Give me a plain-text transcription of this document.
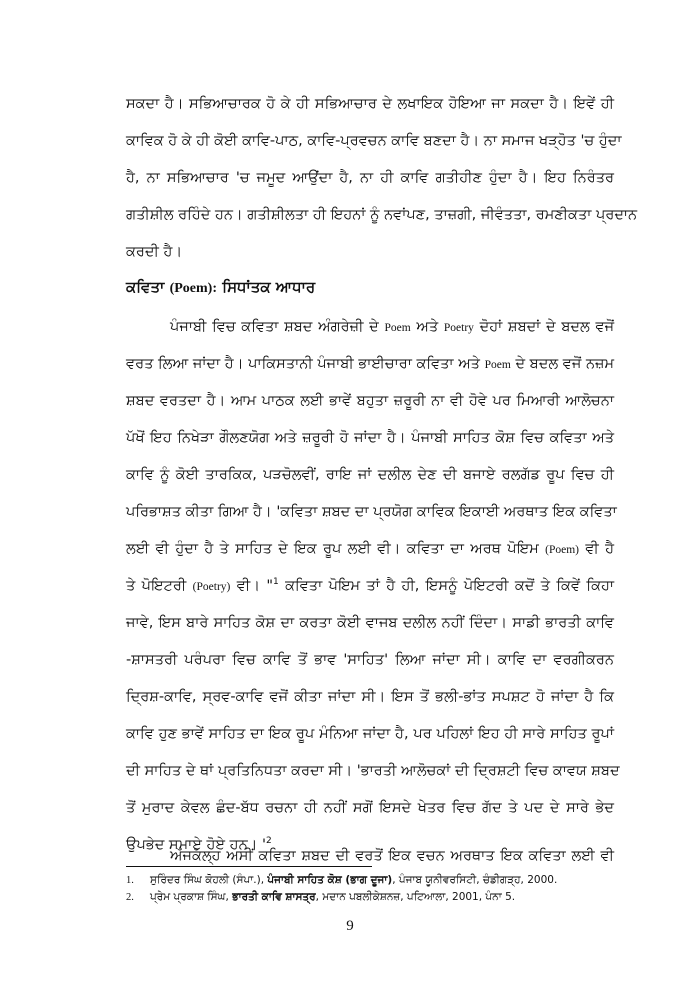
ਸਕਦਾ ਹੈ। ਸਭਿਆਚਾਰਕ ਹੋ ਕੇ ਹੀ ਸਭਿਆਚਾਰ ਦੇ ਲਖਾਇਕ ਹੋਇਆ ਜਾ ਸਕਦਾ ਹੈ। ਇਵੇਂ ਹੀ
ਕਾਵਿਕ ਹੋ ਕੇ ਹੀ ਕੋਈ ਕਾਵਿ-ਪਾਠ, ਕਾਵਿ-ਪ੍ਰਵਚਨ ਕਾਵਿ ਬਣਦਾ ਹੈ। ਨਾ ਸਮਾਜ ਖੜ੍ਹੋਤ 'ਚ ਹੁੰਦਾ
ਹੈ, ਨਾ ਸਭਿਆਚਾਰ 'ਚ ਜਮੂਦ ਆਉਂਦਾ ਹੈ, ਨਾ ਹੀ ਕਾਵਿ ਗਤੀਹੀਣ ਹੁੰਦਾ ਹੈ। ਇਹ ਨਿਰੰਤਰ
ਗਤੀਸ਼ੀਲ ਰਹਿੰਦੇ ਹਨ। ਗਤੀਸ਼ੀਲਤਾ ਹੀ ਇਹਨਾਂ ਨੂੰ ਨਵਾਂਪਣ, ਤਾਜ਼ਗੀ, ਜੀਵੰਤਤਾ, ਰਮਣੀਕਤਾ ਪ੍ਰਦਾਨ
ਕਰਦੀ ਹੈ।
ਕਵਿਤਾ (Poem): ਸਿਧਾਂਤਕ ਆਧਾਰ
ਪੰਜਾਬੀ ਵਿਚ ਕਵਿਤਾ ਸ਼ਬਦ ਅੰਗਰੇਜ਼ੀ ਦੇ Poem ਅਤੇ Poetry ਦੋਹਾਂ ਸ਼ਬਦਾਂ ਦੇ ਬਦਲ ਵਜੋਂ
ਵਰਤ ਲਿਆ ਜਾਂਦਾ ਹੈ। ਪਾਕਿਸਤਾਨੀ ਪੰਜਾਬੀ ਭਾਈਚਾਰਾ ਕਵਿਤਾ ਅਤੇ Poem ਦੇ ਬਦਲ ਵਜੋਂ ਨਜ਼ਮ
ਸ਼ਬਦ ਵਰਤਦਾ ਹੈ। ਆਮ ਪਾਠਕ ਲਈ ਭਾਵੇਂ ਬਹੁਤਾ ਜ਼ਰੂਰੀ ਨਾ ਵੀ ਹੋਵੇ ਪਰ ਮਿਆਰੀ ਆਲੋਚਨਾ
ਪੱਖੋਂ ਇਹ ਨਿਖੇੜਾ ਗੌਲਣਯੋਗ ਅਤੇ ਜ਼ਰੂਰੀ ਹੋ ਜਾਂਦਾ ਹੈ। ਪੰਜਾਬੀ ਸਾਹਿਤ ਕੋਸ਼ ਵਿਚ ਕਵਿਤਾ ਅਤੇ
ਕਾਵਿ ਨੂੰ ਕੋਈ ਤਾਰਕਿਕ, ਪੜਚੋਲਵੀਂ, ਰਾਇ ਜਾਂ ਦਲੀਲ ਦੇਣ ਦੀ ਬਜਾਏ ਰਲਗੱਡ ਰੂਪ ਵਿਚ ਹੀ
ਪਰਿਭਾਸ਼ਤ ਕੀਤਾ ਗਿਆ ਹੈ। 'ਕਵਿਤਾ ਸ਼ਬਦ ਦਾ ਪ੍ਰਯੋਗ ਕਾਵਿਕ ਇਕਾਈ ਅਰਥਾਤ ਇਕ ਕਵਿਤਾ
ਲਈ ਵੀ ਹੁੰਦਾ ਹੈ ਤੇ ਸਾਹਿਤ ਦੇ ਇਕ ਰੂਪ ਲਈ ਵੀ। ਕਵਿਤਾ ਦਾ ਅਰਥ ਪੋਇਮ (Poem) ਵੀ ਹੈ
ਤੇ ਪੋਇਟਰੀ (Poetry) ਵੀ। "$^1$ ਕਵਿਤਾ ਪੋਇਮ ਤਾਂ ਹੈ ਹੀ, ਇਸਨੂੰ ਪੋਇਟਰੀ ਕਦੋਂ ਤੇ ਕਿਵੇਂ ਕਿਹਾ
ਜਾਵੇ, ਇਸ ਬਾਰੇ ਸਾਹਿਤ ਕੋਸ਼ ਦਾ ਕਰਤਾ ਕੋਈ ਵਾਜਬ ਦਲੀਲ ਨਹੀਂ ਦਿੰਦਾ। ਸਾਡੀ ਭਾਰਤੀ ਕਾਵਿ
-ਸ਼ਾਸਤਰੀ ਪਰੰਪਰਾ ਵਿਚ ਕਾਵਿ ਤੋਂ ਭਾਵ 'ਸਾਹਿਤ' ਲਿਆ ਜਾਂਦਾ ਸੀ। ਕਾਵਿ ਦਾ ਵਰਗੀਕਰਨ
ਦ੍ਰਿਸ਼-ਕਾਵਿ, ਸ੍ਰਵ-ਕਾਵਿ ਵਜੋਂ ਕੀਤਾ ਜਾਂਦਾ ਸੀ। ਇਸ ਤੋਂ ਭਲੀ-ਭਾਂਤ ਸਪਸ਼ਟ ਹੋ ਜਾਂਦਾ ਹੈ ਕਿ
ਕਾਵਿ ਹੁਣ ਭਾਵੇਂ ਸਾਹਿਤ ਦਾ ਇਕ ਰੂਪ ਮੰਨਿਆ ਜਾਂਦਾ ਹੈ, ਪਰ ਪਹਿਲਾਂ ਇਹ ਹੀ ਸਾਰੇ ਸਾਹਿਤ ਰੂਪਾਂ
ਦੀ ਸਾਹਿਤ ਦੇ ਥਾਂ ਪ੍ਰਤਿਨਿਧਤਾ ਕਰਦਾ ਸੀ। 'ਭਾਰਤੀ ਆਲੋਚਕਾਂ ਦੀ ਦ੍ਰਿਸ਼ਟੀ ਵਿਚ ਕਾਵਯ ਸ਼ਬਦ
ਤੋਂ ਮੁਰਾਦ ਕੇਵਲ ਛੰਦ-ਬੱਧ ਰਚਨਾ ਹੀ ਨਹੀਂ ਸਗੋਂ ਇਸਦੇ ਖੇਤਰ ਵਿਚ ਗੱਦ ਤੇ ਪਦ ਦੇ ਸਾਰੇ ਭੇਦ
ਉਪਭੇਦ ਸਮਾਏ ਹੋਏ ਹਨ। '$^2$
ਅੱਜਕੱਲ੍ਹ ਅਸੀਂ ਕਵਿਤਾ ਸ਼ਬਦ ਦੀ ਵਰਤੋਂ ਇਕ ਵਚਨ ਅਰਥਾਤ ਇਕ ਕਵਿਤਾ ਲਈ ਵੀ
1. ਸੁਰਿੰਦਰ ਸਿੰਘ ਕੋਹਲੀ (ਸੰਪਾ.), ਪੰਜਾਬੀ ਸਾਹਿਤ ਕੋਸ਼ (ਭਾਗ ਦੂਜਾ), ਪੰਜਾਬ ਯੂਨੀਵਰਸਿਟੀ, ਚੰਡੀਗੜ੍ਹ, 2000.
2. ਪ੍ਰੇਮ ਪ੍ਰਕਾਸ਼ ਸਿੰਘ, ਭਾਰਤੀ ਕਾਵਿ ਸ਼ਾਸਤ੍ਰ, ਮਦਾਨ ਪਬਲੀਕੇਸ਼ਨਜ਼, ਪਟਿਆਲਾ, 2001, ਪੰਨਾ 5.
9
